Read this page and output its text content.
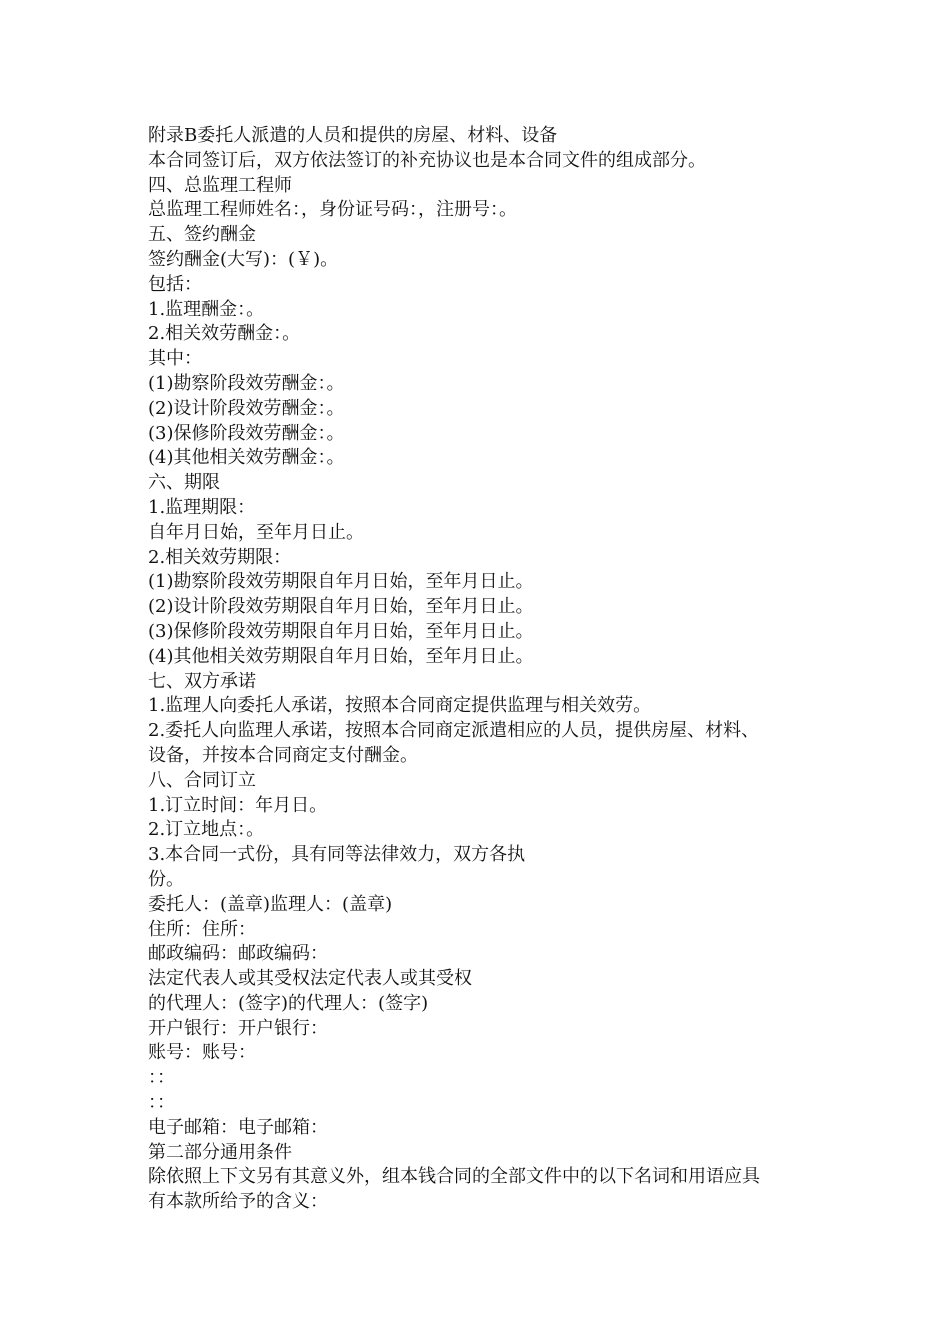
附录B委托人派遣的人员和提供的房屋、材料、设备

本合同签订后，双方依法签订的补充协议也是本合同文件的组成部分。

四、总监理工程师

总监理工程师姓名：，身份证号码：，注册号：。

五、签约酬金

签约酬金(大写)：(￥)。

包括：

1.监理酬金：。

2.相关效劳酬金：。

其中：

(1)勘察阶段效劳酬金：。

(2)设计阶段效劳酬金：。

(3)保修阶段效劳酬金：。

(4)其他相关效劳酬金：。

六、期限

1.监理期限：

自年月日始，至年月日止。

2.相关效劳期限：

(1)勘察阶段效劳期限自年月日始，至年月日止。

(2)设计阶段效劳期限自年月日始，至年月日止。

(3)保修阶段效劳期限自年月日始，至年月日止。

(4)其他相关效劳期限自年月日始，至年月日止。

七、双方承诺

1.监理人向委托人承诺，按照本合同商定提供监理与相关效劳。

2.委托人向监理人承诺，按照本合同商定派遣相应的人员，提供房屋、材料、

设备，并按本合同商定支付酬金。

八、合同订立

1.订立时间：年月日。

2.订立地点：。

3.本合同一式份，具有同等法律效力，双方各执

份。

委托人：(盖章)监理人：(盖章)

住所：住所：

邮政编码：邮政编码：

法定代表人或其受权法定代表人或其受权

的代理人：(签字)的代理人：(签字)

开户银行：开户银行：

账号：账号：

：：

：：

电子邮箱：电子邮箱：

第二部分通用条件

除依照上下文另有其意义外，组本钱合同的全部文件中的以下名词和用语应具

有本款所给予的含义：
